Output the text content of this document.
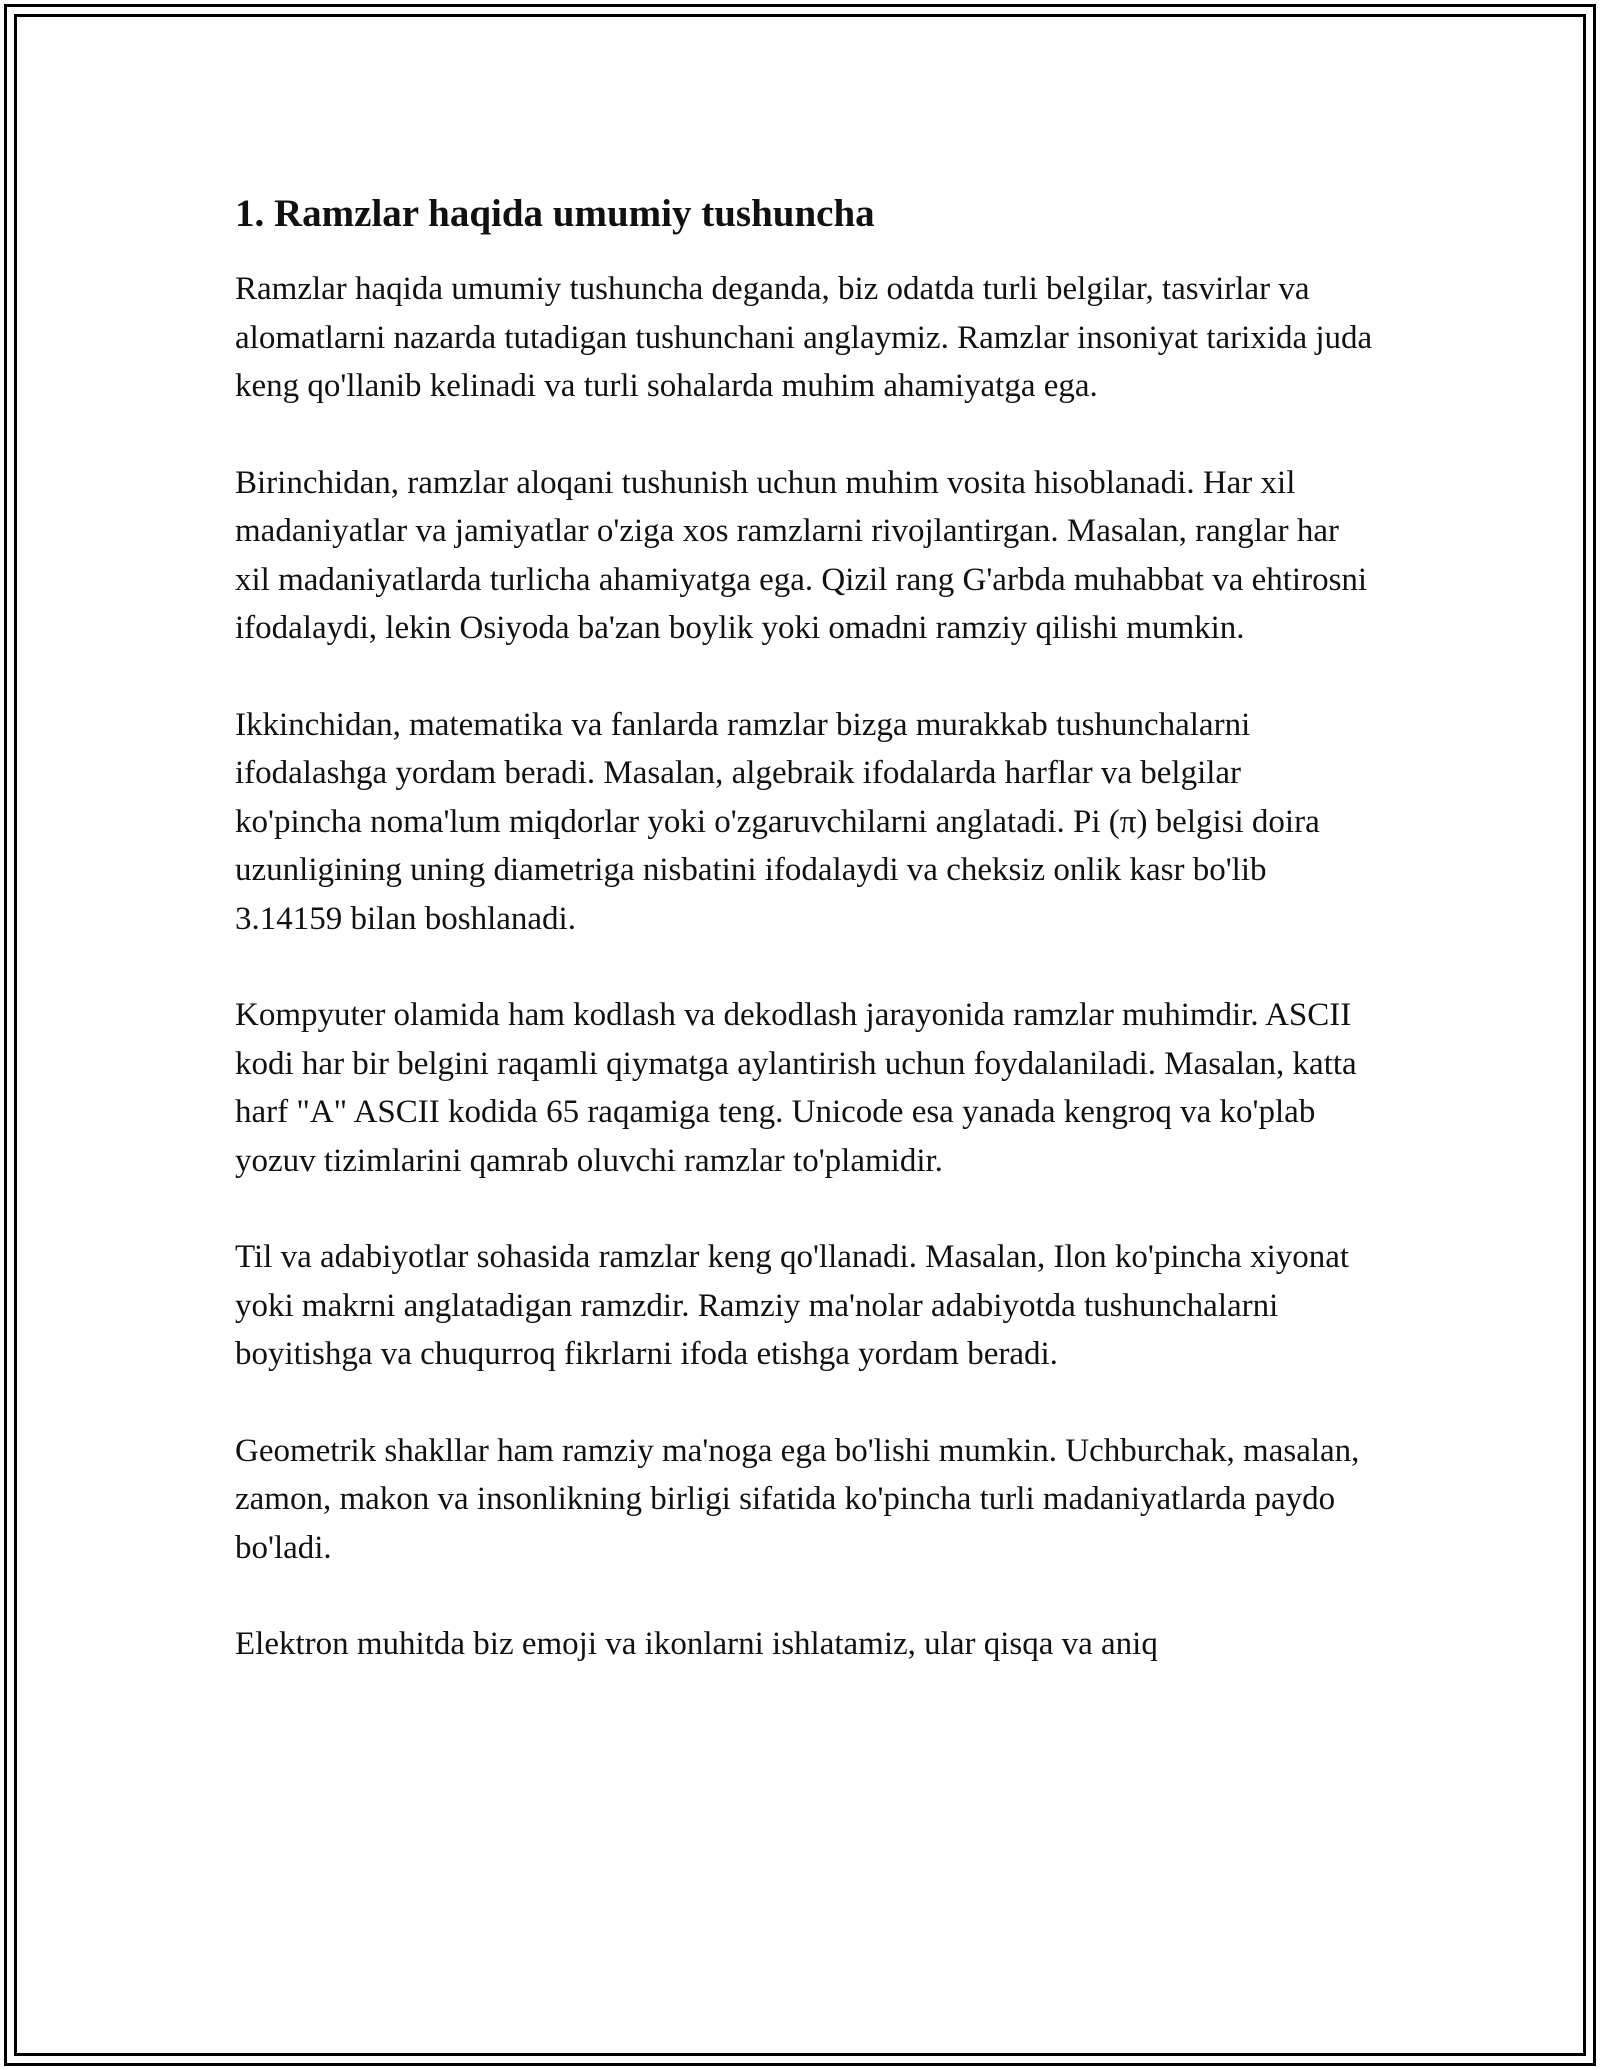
1. Ramzlar haqida umumiy tushuncha

Ramzlar haqida umumiy tushuncha deganda, biz odatda turli belgilar, tasvirlar va alomatlarni nazarda tutadigan tushunchani anglaymiz. Ramzlar insoniyat tarixida juda keng qo'llanib kelinadi va turli sohalarda muhim ahamiyatga ega.

Birinchidan, ramzlar aloqani tushunish uchun muhim vosita hisoblanadi. Har xil madaniyatlar va jamiyatlar o'ziga xos ramzlarni rivojlantirgan. Masalan, ranglar har xil madaniyatlarda turlicha ahamiyatga ega. Qizil rang G'arbda muhabbat va ehtirosni ifodalaydi, lekin Osiyoda ba'zan boylik yoki omadni ramziy qilishi mumkin.

Ikkinchidan, matematika va fanlarda ramzlar bizga murakkab tushunchalarni ifodalashga yordam beradi. Masalan, algebraik ifodalarda harflar va belgilar ko'pincha noma'lum miqdorlar yoki o'zgaruvchilarni anglatadi. Pi (π) belgisi doira uzunligining uning diametriga nisbatini ifodalaydi va cheksiz onlik kasr bo'lib 3.14159 bilan boshlanadi.

Kompyuter olamida ham kodlash va dekodlash jarayonida ramzlar muhimdir. ASCII kodi har bir belgini raqamli qiymatga aylantirish uchun foydalaniladi. Masalan, katta harf "A" ASCII kodida 65 raqamiga teng. Unicode esa yanada kengroq va ko'plab yozuv tizimlarini qamrab oluvchi ramzlar to'plamidir.

Til va adabiyotlar sohasida ramzlar keng qo'llanadi. Masalan, Ilon ko'pincha xiyonat yoki makrni anglatadigan ramzdir. Ramziy ma'nolar adabiyotda tushunchalarni boyitishga va chuqurroq fikrlarni ifoda etishga yordam beradi.

Geometrik shakllar ham ramziy ma'noga ega bo'lishi mumkin. Uchburchak, masalan, zamon, makon va insonlikning birligi sifatida ko'pincha turli madaniyatlarda paydo bo'ladi.

Elektron muhitda biz emoji va ikonlarni ishlatamiz, ular qisqa va aniq
